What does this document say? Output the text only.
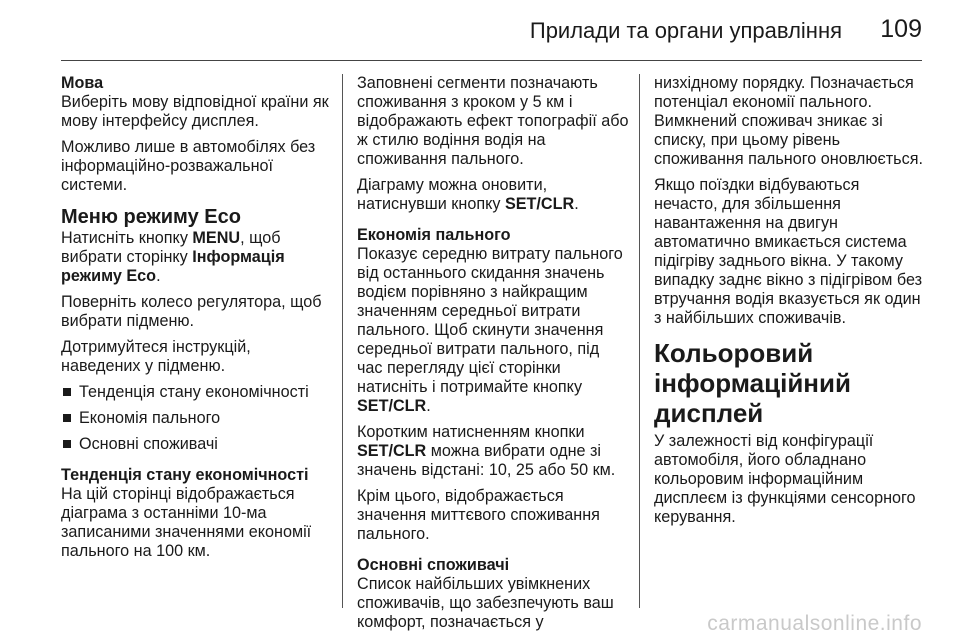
Прилади та органи управління 109
Мова

Виберіть мову відповідної країни як мову інтерфейсу дисплея.

Можливо лише в автомобілях без інформаційно-розважальної системи.

Меню режиму Eco

Натисніть кнопку MENU, щоб вибрати сторінку Інформація режиму Eco.

Поверніть колесо регулятора, щоб вибрати підменю.

Дотримуйтеся інструкцій, наведених у підменю.

Тенденція стану економічності
Економія пального
Основні споживачі
Тенденція стану економічності

На цій сторінці відображається діаграма з останніми 10-ма записаними значеннями економії пального на 100 км.

Заповнені сегменти позначають споживання з кроком у 5 км і відображають ефект топографії або ж стилю водіння водія на споживання пального.

Діаграму можна оновити, натиснувши кнопку SET/CLR.

Економія пального

Показує середню витрату пального від останнього скидання значень водієм порівняно з найкращим значенням середньої витрати пального. Щоб скинути значення середньої витрати пального, під час перегляду цієї сторінки натисніть і потримайте кнопку SET/CLR.

Коротким натисненням кнопки SET/CLR можна вибрати одне зі значень відстані: 10, 25 або 50 км.

Крім цього, відображається значення миттєвого споживання пального.

Основні споживачі

Список найбільших увімкнених споживачів, що забезпечують ваш комфорт, позначається у

низхідному порядку. Позначається потенціал економії пального. Вимкнений споживач зникає зі списку, при цьому рівень споживання пального оновлюється.

Якщо поїздки відбуваються нечасто, для збільшення навантаження на двигун автоматично вмикається система підігріву заднього вікна. У такому випадку заднє вікно з підігрівом без втручання водія вказується як один з найбільших споживачів.

Кольоровий інформаційний дисплей

У залежності від конфігурації автомобіля, його обладнано кольоровим інформаційним дисплеєм із функціями сенсорного керування.

carmanualsonline.info
